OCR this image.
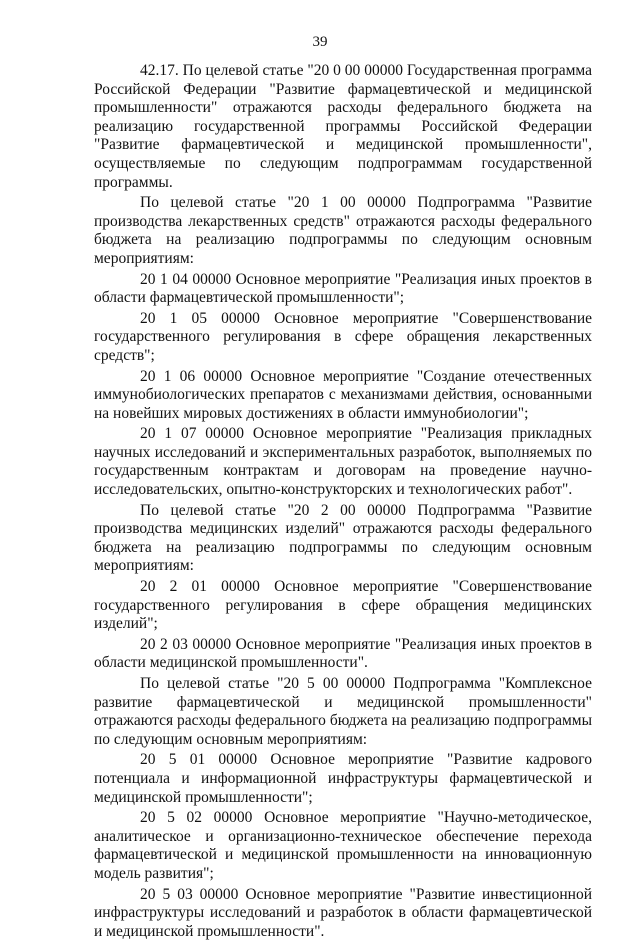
39

42.17. По целевой статье "20 0 00 00000 Государственная программа Российской Федерации "Развитие фармацевтической и медицинской промышленности" отражаются расходы федерального бюджета на реализацию государственной программы Российской Федерации "Развитие фармацевтической и медицинской промышленности", осуществляемые по следующим подпрограммам государственной программы.

По целевой статье "20 1 00 00000 Подпрограмма "Развитие производства лекарственных средств" отражаются расходы федерального бюджета на реализацию подпрограммы по следующим основным мероприятиям:

20 1 04 00000 Основное мероприятие "Реализация иных проектов в области фармацевтической промышленности";

20 1 05 00000 Основное мероприятие "Совершенствование государственного регулирования в сфере обращения лекарственных средств";

20 1 06 00000 Основное мероприятие "Создание отечественных иммунобиологических препаратов с механизмами действия, основанными на новейших мировых достижениях в области иммунобиологии";

20 1 07 00000 Основное мероприятие "Реализация прикладных научных исследований и экспериментальных разработок, выполняемых по государственным контрактам и договорам на проведение научно-исследовательских, опытно-конструкторских и технологических работ".

По целевой статье "20 2 00 00000 Подпрограмма "Развитие производства медицинских изделий" отражаются расходы федерального бюджета на реализацию подпрограммы по следующим основным мероприятиям:

20 2 01 00000 Основное мероприятие "Совершенствование государственного регулирования в сфере обращения медицинских изделий";

20 2 03 00000 Основное мероприятие "Реализация иных проектов в области медицинской промышленности".

По целевой статье "20 5 00 00000 Подпрограмма "Комплексное развитие фармацевтической и медицинской промышленности" отражаются расходы федерального бюджета на реализацию подпрограммы по следующим основным мероприятиям:

20 5 01 00000 Основное мероприятие "Развитие кадрового потенциала и информационной инфраструктуры фармацевтической и медицинской промышленности";

20 5 02 00000 Основное мероприятие "Научно-методическое, аналитическое и организационно-техническое обеспечение перехода фармацевтической и медицинской промышленности на инновационную модель развития";

20 5 03 00000 Основное мероприятие "Развитие инвестиционной инфраструктуры исследований и разработок в области фармацевтической и медицинской промышленности".
